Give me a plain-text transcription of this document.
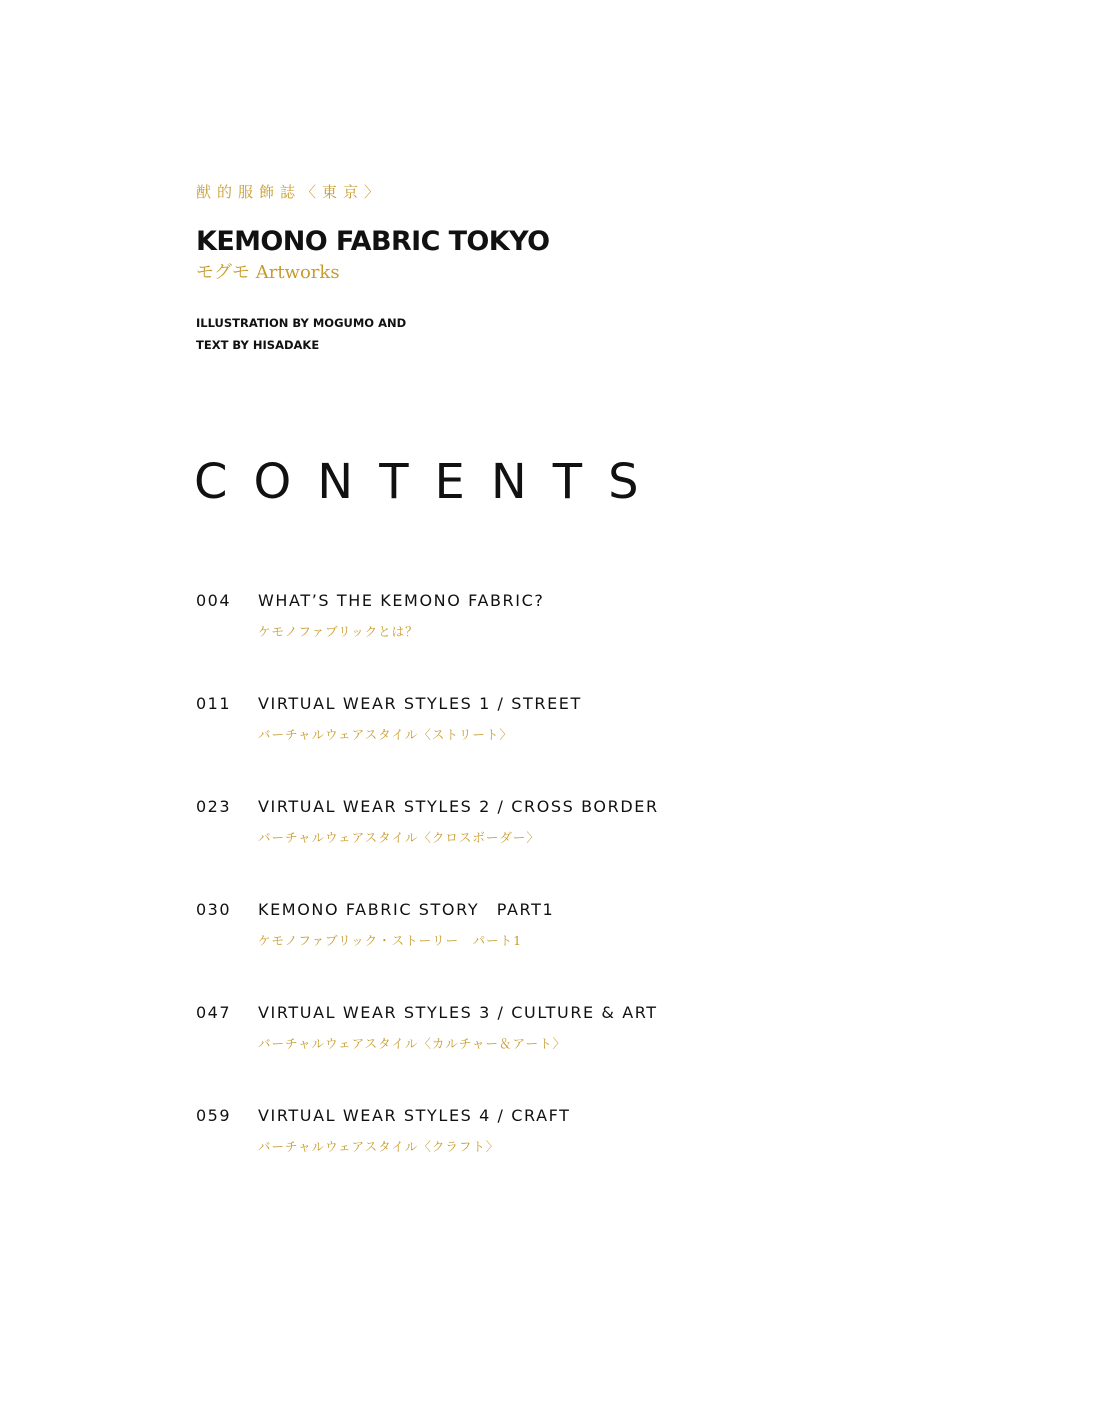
猷的服飾誌〈東京〉
KEMONO FABRIC TOKYO
モグモ Artworks
ILLUSTRATION BY MOGUMO AND
TEXT BY HISADAKE
CONTENTS
004 WHAT’S THE KEMONO FABRIC?
ケモノファブリックとは？
011 VIRTUAL WEAR STYLES 1 / STREET
バーチャルウェアスタイル〈ストリート〉
023 VIRTUAL WEAR STYLES 2 / CROSS BORDER
バーチャルウェアスタイル〈クロスボーダー〉
030 KEMONO FABRIC STORY　PART1
ケモノファブリック・ストーリー　パート1
047 VIRTUAL WEAR STYLES 3 / CULTURE & ART
バーチャルウェアスタイル〈カルチャー＆アート〉
059 VIRTUAL WEAR STYLES 4 / CRAFT
バーチャルウェアスタイル〈クラフト〉
